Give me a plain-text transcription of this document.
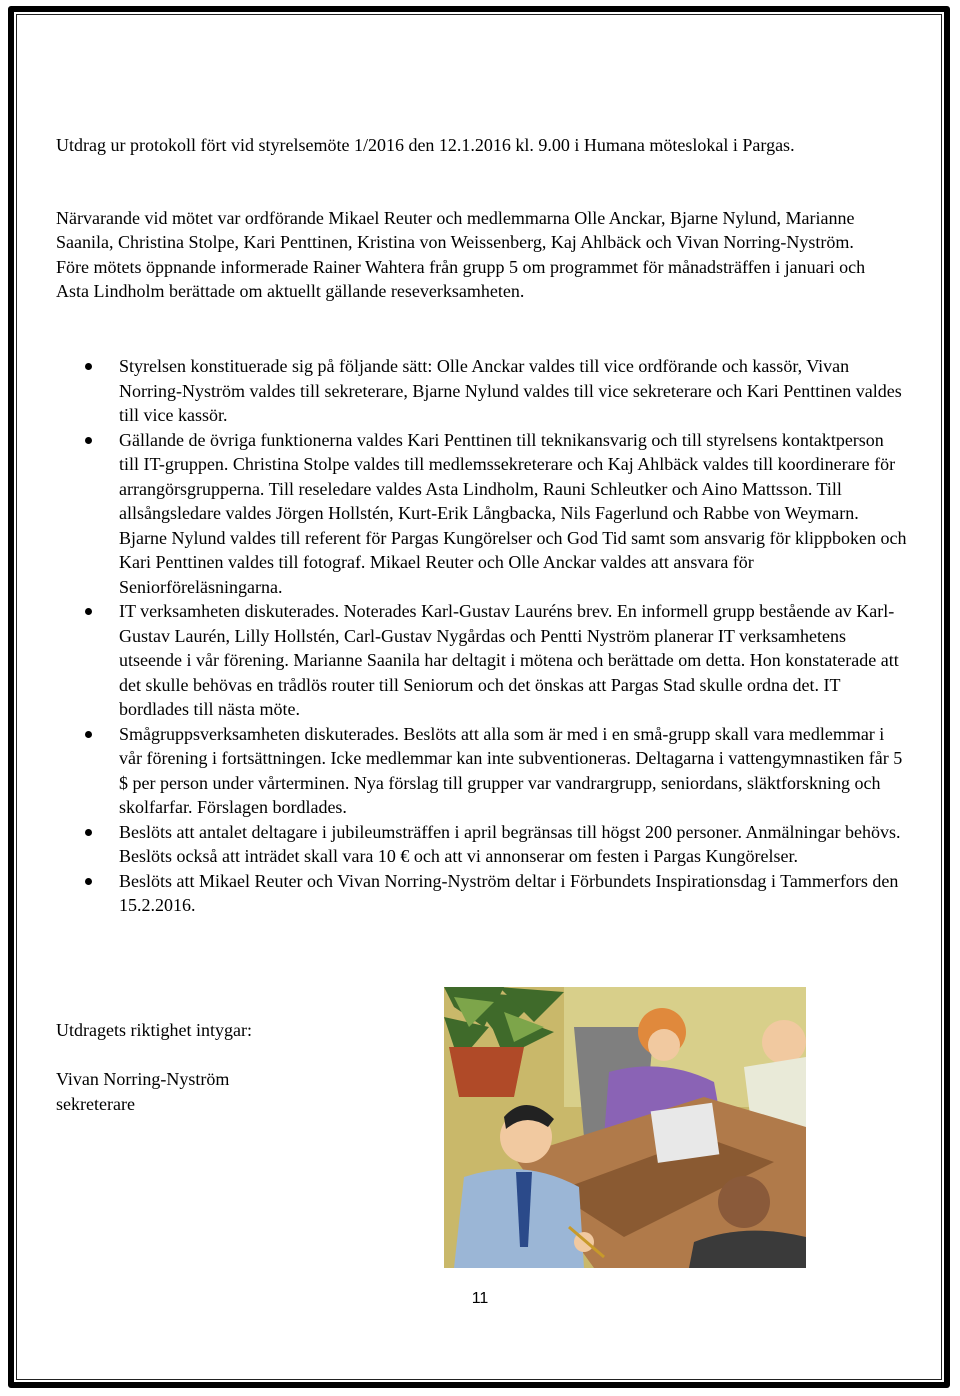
Utdrag ur protokoll fört vid styrelsemöte 1/2016 den 12.1.2016 kl. 9.00 i Humana möteslokal i Pargas.

Närvarande vid mötet var ordförande Mikael Reuter och medlemmarna Olle Anckar, Bjarne Nylund, Marianne Saanila, Christina Stolpe, Kari Penttinen, Kristina von Weissenberg, Kaj Ahlbäck och Vivan Norring-Nyström. Före mötets öppnande informerade Rainer Wahtera från grupp 5 om programmet för månadsträffen i januari och Asta Lindholm berättade om aktuellt gällande reseverksamheten.

Styrelsen konstituerade sig på följande sätt: Olle Anckar valdes till vice ordförande och kassör, Vivan Norring-Nyström valdes till sekreterare, Bjarne Nylund valdes till vice sekreterare och Kari Penttinen valdes till vice kassör.
Gällande de övriga funktionerna valdes Kari Penttinen till teknikansvarig och till styrelsens kontaktperson till IT-gruppen. Christina Stolpe valdes till medlemssekreterare och Kaj Ahlbäck valdes till koordinerare för arrangörsgrupperna. Till reseledare valdes Asta Lindholm, Rauni Schleutker och Aino Mattsson. Till allsångsledare valdes Jörgen Hollstén, Kurt-Erik Långbacka, Nils Fagerlund och Rabbe von Weymarn. Bjarne Nylund valdes till referent för Pargas Kungörelser och God Tid samt som ansvarig för klippboken och Kari Penttinen valdes till fotograf. Mikael Reuter och Olle Anckar valdes att ansvara för Seniorföreläsningarna.
IT verksamheten diskuterades. Noterades Karl-Gustav Lauréns brev. En informell grupp bestående av Karl-Gustav Laurén, Lilly Hollstén, Carl-Gustav Nygårdas och Pentti Nyström planerar IT verksamhetens utseende i vår förening. Marianne Saanila har deltagit i mötena och berättade om detta. Hon konstaterade att det skulle behövas en trådlös router till Seniorum och det önskas att Pargas Stad skulle ordna det. IT bordlades till nästa möte.
Smågruppsverksamheten diskuterades. Beslöts att alla som är med i en små-grupp skall vara medlemmar i vår förening i fortsättningen. Icke medlemmar kan inte subventioneras. Deltagarna i vattengymnastiken får 5 $ per person under vårterminen. Nya förslag till grupper var vandrargrupp, seniordans, släktforskning och skolfarfar. Förslagen bordlades.
Beslöts att antalet deltagare i jubileumsträffen i april begränsas till högst 200 personer. Anmälningar behövs. Beslöts också att inträdet skall vara 10 € och att vi annonserar om festen i Pargas Kungörelser.
Beslöts att Mikael Reuter och Vivan Norring-Nyström deltar i Förbundets Inspirationsdag i Tammerfors den 15.2.2016.

Utdragets riktighet intygar:

Vivan Norring-Nyström

sekreterare

11
